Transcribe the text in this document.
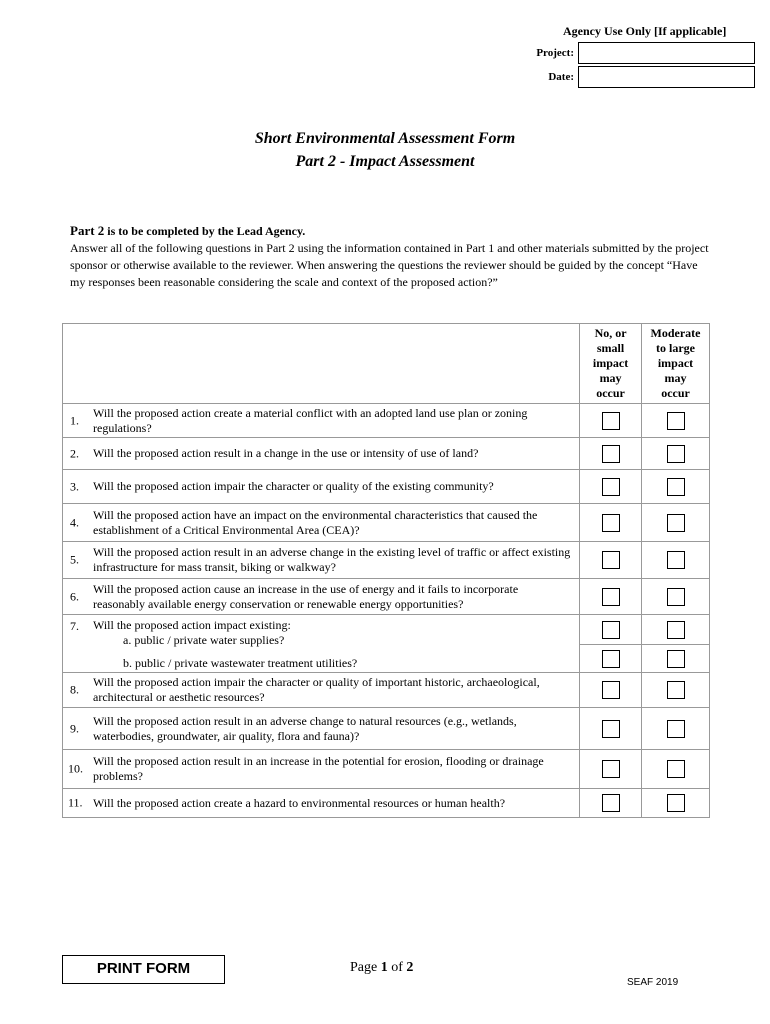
Agency Use Only [If applicable]
Project:
Date:
Short Environmental Assessment Form
Part 2 - Impact Assessment
Part 2 is to be completed by the Lead Agency.
Answer all of the following questions in Part 2 using the information contained in Part 1 and other materials submitted by the project sponsor or otherwise available to the reviewer. When answering the questions the reviewer should be guided by the concept “Have my responses been reasonable considering the scale and context of the proposed action?”
	No, or
small
impact
may
occur	Moderate
to large
impact
may
occur

1.
Will the proposed action create a material conflict with an adopted land use plan or zoning regulations?		

2. Will the proposed action result in a change in the use or intensity of use of land?		

3. Will the proposed action impair the character or quality of the existing community?		

4.
Will the proposed action have an impact on the environmental characteristics that caused the establishment of a Critical Environmental Area (CEA)?		

5.
Will the proposed action result in an adverse change in the existing level of traffic or affect existing infrastructure for mass transit, biking or walkway?		

6.
Will the proposed action cause an increase in the use of energy and it fails to incorporate reasonably available energy conservation or renewable energy opportunities?		

7. Will the proposed action impact existing:
a. public / private water supplies?
b. public / private wastewater treatment utilities?		

8.
Will the proposed action impair the character or quality of important historic, archaeological, architectural or aesthetic resources?		

9.
Will the proposed action result in an adverse change to natural resources (e.g., wetlands, waterbodies, groundwater, air quality, flora and fauna)?		

10.
Will the proposed action result in an increase in the potential for erosion, flooding or drainage problems?		

11. Will the proposed action create a hazard to environmental resources or human health?		

PRINT FORM	Page 1 of 2
SEAF 2019
